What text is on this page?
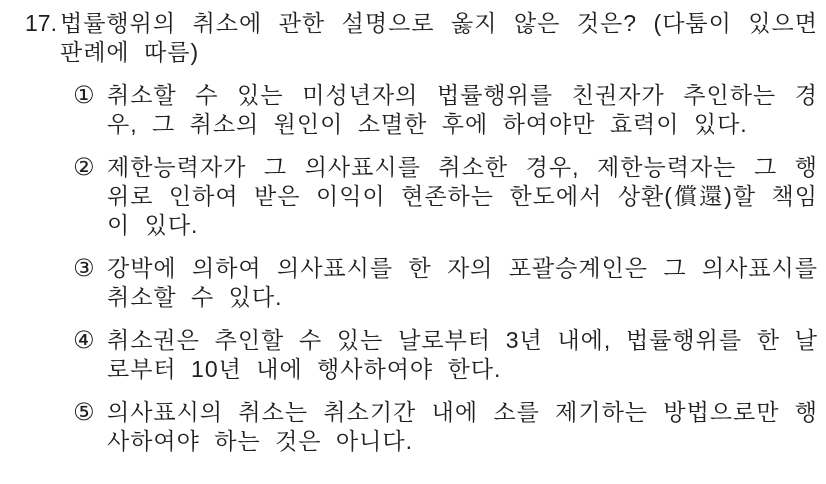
17. 법률행위의 취소에 관한 설명으로 옳지 않은 것은? (다툼이 있으면 판례에 따름)
① 취소할 수 있는 미성년자의 법률행위를 친권자가 추인하는 경우, 그 취소의 원인이 소멸한 후에 하여야만 효력이 있다.
② 제한능력자가 그 의사표시를 취소한 경우, 제한능력자는 그 행위로 인하여 받은 이익이 현존하는 한도에서 상환(償還)할 책임이 있다.
③ 강박에 의하여 의사표시를 한 자의 포괄승계인은 그 의사표시를 취소할 수 있다.
④ 취소권은 추인할 수 있는 날로부터 3년 내에, 법률행위를 한 날로부터 10년 내에 행사하여야 한다.
⑤ 의사표시의 취소는 취소기간 내에 소를 제기하는 방법으로만 행사하여야 하는 것은 아니다.
